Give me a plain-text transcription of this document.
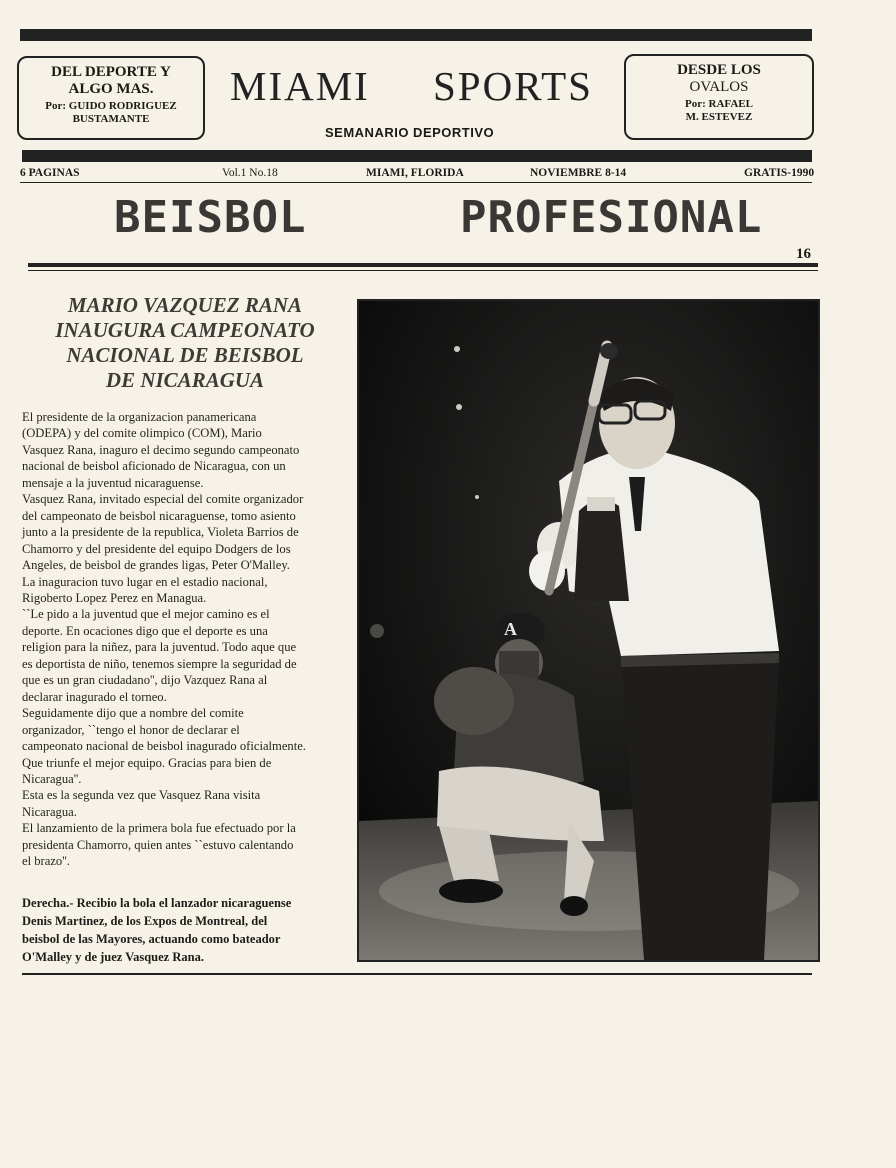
DEL DEPORTE Y
ALGO MAS.
Por: GUIDO RODRIGUEZ
BUSTAMANTE
MIAMI SPORTS
SEMANARIO DEPORTIVO
DESDE LOS
OVALOS
Por: RAFAEL
M. ESTEVEZ
6 PAGINAS	Vol.1 No.18	MIAMI, FLORIDA	NOVIEMBRE 8-14	GRATIS-1990
BEISBOL	PROFESIONAL
16
MARIO VAZQUEZ RANA
INAUGURA CAMPEONATO
NACIONAL DE BEISBOL
DE NICARAGUA

El presidente de la organizacion panamericana

(ODEPA) y del comite olimpico (COM), Mario

Vasquez Rana, inaguro el decimo segundo campeonato

nacional de beisbol aficionado de Nicaragua, con un

mensaje a la juventud nicaraguense.

Vasquez Rana, invitado especial del comite organizador

del campeonato de beisbol nicaraguense, tomo asiento

junto a la presidente de la republica, Violeta Barrios de

Chamorro y del presidente del equipo Dodgers de los

Angeles, de beisbol de grandes ligas, Peter O'Malley.

La inaguracion tuvo lugar en el estadio nacional,

Rigoberto Lopez Perez en Managua.

``Le pido a la juventud que el mejor camino es el

deporte. En ocaciones digo que el deporte es una

religion para la niñez, para la juventud. Todo aque que

es deportista de niño, tenemos siempre la seguridad de

que es un gran ciudadano'', dijo Vazquez Rana al

declarar inagurado el torneo.

Seguidamente dijo que a nombre del comite

organizador, ``tengo el honor de declarar el

campeonato nacional de beisbol inagurado oficialmente.

Que triunfe el mejor equipo. Gracias para bien de

Nicaragua''.

Esta es la segunda vez que Vasquez Rana visita

Nicaragua.

El lanzamiento de la primera bola fue efectuado por la

presidenta Chamorro, quien antes ``estuvo calentando

el brazo''.

Derecha.- Recibio la bola el lanzador nicaraguense
Denis Martinez, de los Expos de Montreal, del
beisbol de las Mayores, actuando como bateador
O'Malley y de juez Vasquez Rana.
A
